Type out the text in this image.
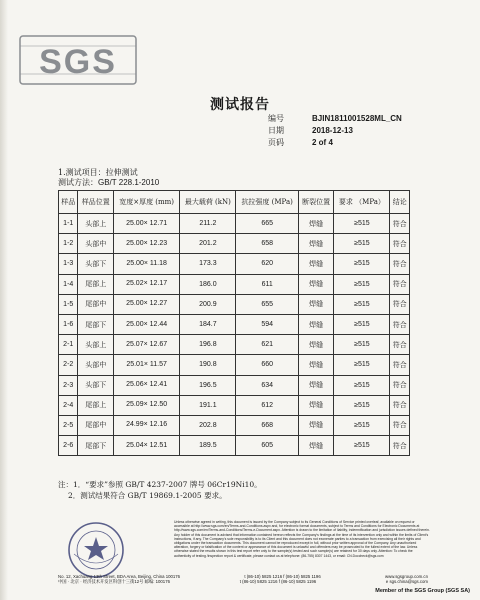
SGS
测试报告
编号	BJIN1811001528ML_CN
日期	2018-12-13
页码	2 of 4
1.测试项目：拉伸测试
测试方法：GB/T 228.1-2010
样品	样品位置	宽度×厚度 (mm)	最大载荷 (kN)	抗拉强度 (MPa)	断裂位置	要求 （MPa）	结论
1-1	头部上	25.00× 12.71	211.2	665	焊缝	≥515	符合
1-2	头部中	25.00× 12.23	201.2	658	焊缝	≥515	符合
1-3	头部下	25.00× 11.18	173.3	620	焊缝	≥515	符合
1-4	尾部上	25.02× 12.17	186.0	611	焊缝	≥515	符合
1-5	尾部中	25.00× 12.27	200.9	655	焊缝	≥515	符合
1-6	尾部下	25.00× 12.44	184.7	594	焊缝	≥515	符合
2-1	头部上	25.07× 12.67	196.8	621	焊缝	≥515	符合
2-2	头部中	25.01× 11.57	190.8	660	焊缝	≥515	符合
2-3	头部下	25.06× 12.41	196.5	634	焊缝	≥515	符合
2-4	尾部上	25.09× 12.50	191.1	612	焊缝	≥515	符合
2-5	尾部中	24.99× 12.16	202.8	668	焊缝	≥515	符合
2-6	尾部下	25.04× 12.51	189.5	605	焊缝	≥515	符合
注：1．“要求”参照 GB/T 4237-2007 牌号 06Cr19Ni10。
2．测试结果符合 GB/T 19869.1-2005 要求。
Unless otherwise agreed in writing, this document is issued by the Company subject to its General Conditions of Service printed overleaf, available on request or accessible at http://www.sgs.com/en/Terms-and-Conditions.aspx and, for electronic format documents, subject to Terms and Conditions for Electronic Documents at http://www.sgs.com/en/Terms-and-Conditions/Terms-e-Document.aspx. Attention is drawn to the limitation of liability, indemnification and jurisdiction issues defined therein. Any holder of this document is advised that information contained hereon reflects the Company's findings at the time of its intervention only and within the limits of Client's instructions, if any. The Company's sole responsibility is to its Client and this document does not exonerate parties to a transaction from exercising all their rights and obligations under the transaction documents. This document cannot be reproduced except in full, without prior written approval of the Company. Any unauthorized alteration, forgery or falsification of the content or appearance of this document is unlawful and offenders may be prosecuted to the fullest extent of the law. Unless otherwise stated the results shown in this test report refer only to the sample(s) tested and such sample(s) are retained for 30 days only. Attention: To check the authenticity of testing /inspection report & certificate, please contact us at telephone: (86-755) 8307 1443, or email: CN.Doccheck@sgs.com
No. 12, Xachuang 13th Street, BDA Area, Beijing, China 100176	t (86-10) 5825 1216 f (86-10) 5825 1196	www.sgsgroup.com.cn
中国 · 北京 · 经济技术开发区科创十三街12号 邮编: 100176	t (86-10) 5825 1216 f (86-10) 5825 1196	e sgs.china@sgs.com
Member of the SGS Group (SGS SA)
